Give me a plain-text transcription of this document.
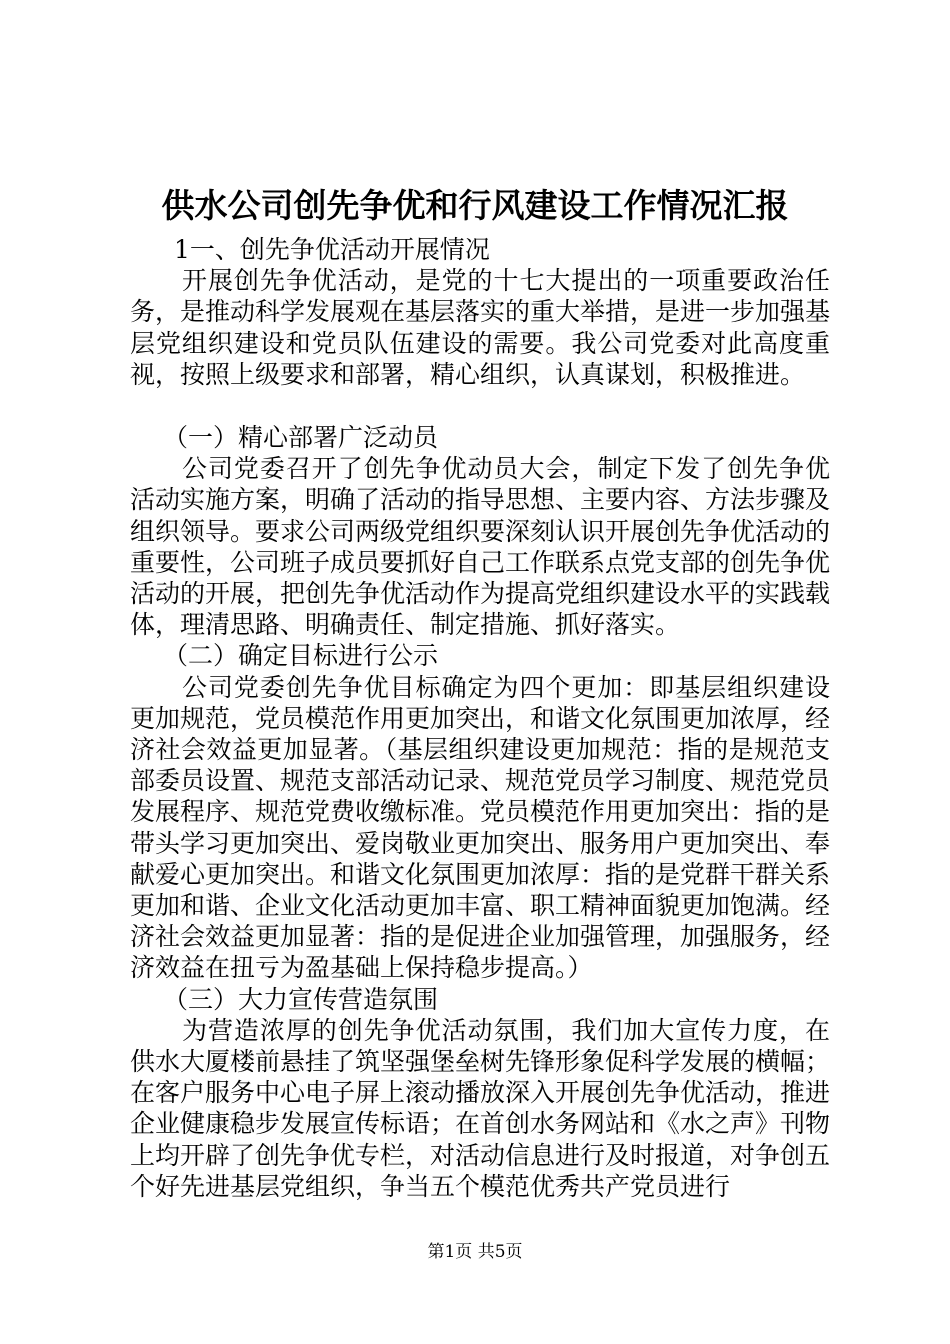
供水公司创先争优和行风建设工作情况汇报

1一、创先争优活动开展情况

开展创先争优活动，是党的十七大提出的一项重要政治任务，是推动科学发展观在基层落实的重大举措，是进一步加强基层党组织建设和党员队伍建设的需要。我公司党委对此高度重视，按照上级要求和部署，精心组织，认真谋划，积极推进。

（一）精心部署广泛动员

公司党委召开了创先争优动员大会，制定下发了创先争优活动实施方案，明确了活动的指导思想、主要内容、方法步骤及组织领导。要求公司两级党组织要深刻认识开展创先争优活动的重要性，公司班子成员要抓好自己工作联系点党支部的创先争优活动的开展，把创先争优活动作为提高党组织建设水平的实践载体，理清思路、明确责任、制定措施、抓好落实。

（二）确定目标进行公示

公司党委创先争优目标确定为四个更加：即基层组织建设更加规范，党员模范作用更加突出，和谐文化氛围更加浓厚，经济社会效益更加显著。（基层组织建设更加规范：指的是规范支部委员设置、规范支部活动记录、规范党员学习制度、规范党员发展程序、规范党费收缴标准。党员模范作用更加突出：指的是带头学习更加突出、爱岗敬业更加突出、服务用户更加突出、奉献爱心更加突出。和谐文化氛围更加浓厚：指的是党群干群关系更加和谐、企业文化活动更加丰富、职工精神面貌更加饱满。经济社会效益更加显著：指的是促进企业加强管理，加强服务，经济效益在扭亏为盈基础上保持稳步提高。）

（三）大力宣传营造氛围

为营造浓厚的创先争优活动氛围，我们加大宣传力度，在供水大厦楼前悬挂了筑坚强堡垒树先锋形象促科学发展的横幅；在客户服务中心电子屏上滚动播放深入开展创先争优活动，推进企业健康稳步发展宣传标语；在首创水务网站和《水之声》刊物上均开辟了创先争优专栏，对活动信息进行及时报道，对争创五个好先进基层党组织，争当五个模范优秀共产党员进行

第1页 共5页
